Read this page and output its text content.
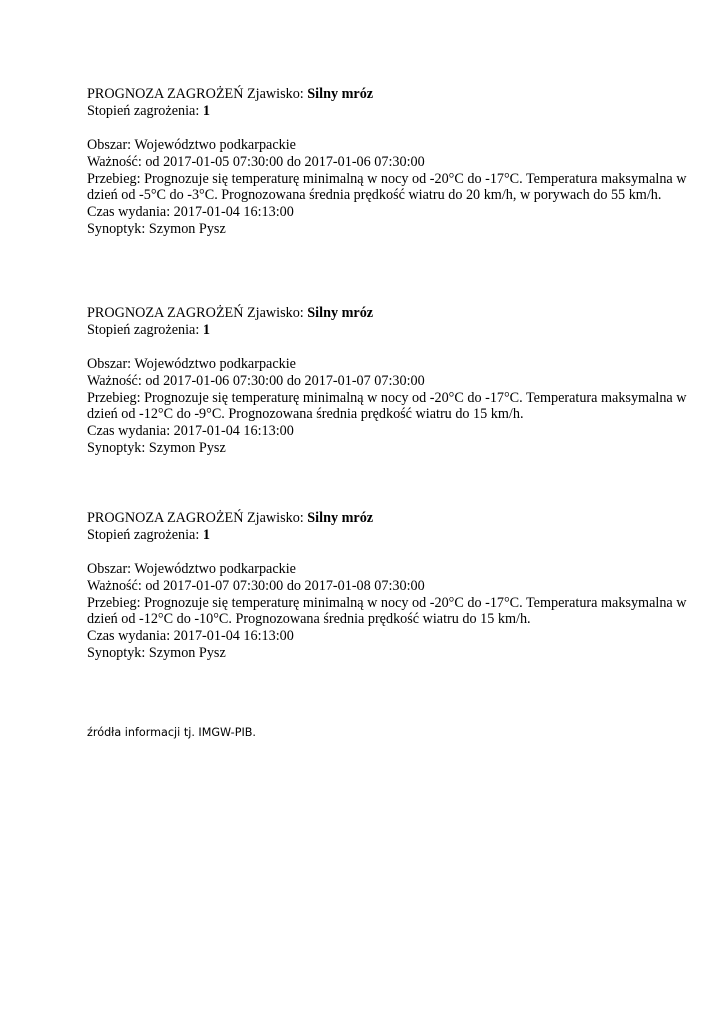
PROGNOZA ZAGROŻEŃ Zjawisko: Silny mróz

Stopień zagrożenia: 1

Obszar: Województwo podkarpackie

Ważność: od 2017-01-05 07:30:00 do 2017-01-06 07:30:00

Przebieg: Prognozuje się temperaturę minimalną w nocy od -20°C do -17°C. Temperatura maksymalna w dzień od -5°C do -3°C. Prognozowana średnia prędkość wiatru do 20 km/h, w porywach do 55 km/h.

Czas wydania: 2017-01-04 16:13:00

Synoptyk: Szymon Pysz

PROGNOZA ZAGROŻEŃ Zjawisko: Silny mróz

Stopień zagrożenia: 1

Obszar: Województwo podkarpackie

Ważność: od 2017-01-06 07:30:00 do 2017-01-07 07:30:00

Przebieg: Prognozuje się temperaturę minimalną w nocy od -20°C do -17°C. Temperatura maksymalna w dzień od -12°C do -9°C. Prognozowana średnia prędkość wiatru do 15 km/h.

Czas wydania: 2017-01-04 16:13:00

Synoptyk: Szymon Pysz

PROGNOZA ZAGROŻEŃ Zjawisko: Silny mróz

Stopień zagrożenia: 1

Obszar: Województwo podkarpackie

Ważność: od 2017-01-07 07:30:00 do 2017-01-08 07:30:00

Przebieg: Prognozuje się temperaturę minimalną w nocy od -20°C do -17°C. Temperatura maksymalna w dzień od -12°C do -10°C. Prognozowana średnia prędkość wiatru do 15 km/h.

Czas wydania: 2017-01-04 16:13:00

Synoptyk: Szymon Pysz

źródła informacji tj. IMGW-PIB.
